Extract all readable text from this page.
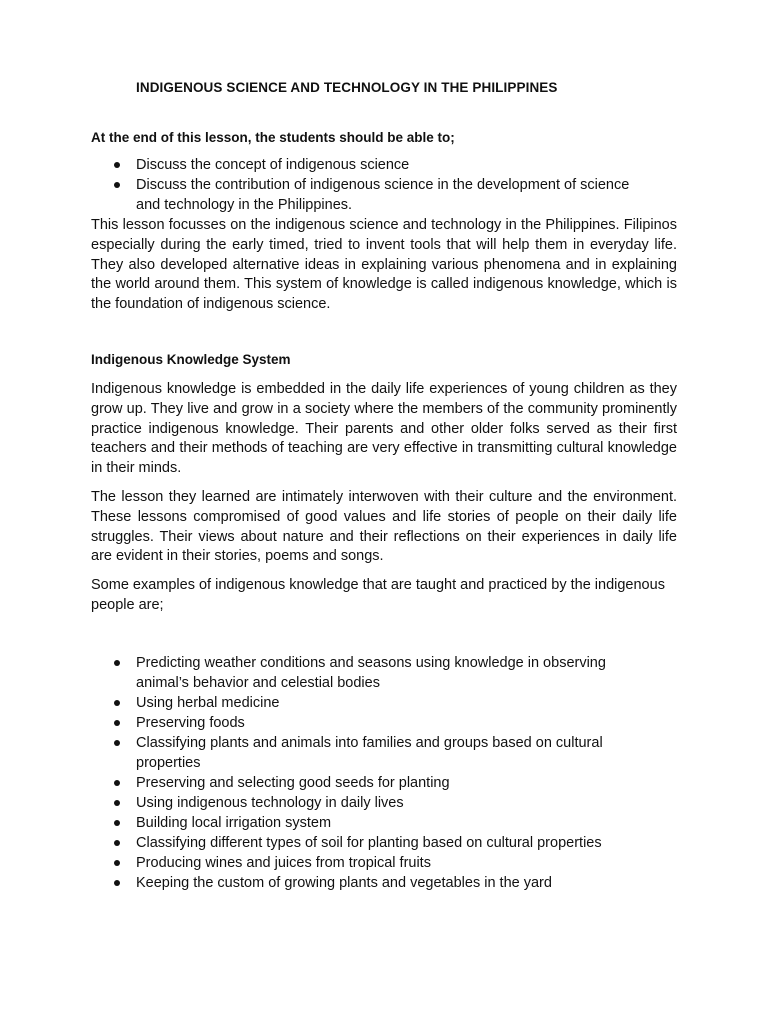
INDIGENOUS SCIENCE AND TECHNOLOGY IN THE PHILIPPINES
At the end of this lesson, the students should be able to;
Discuss the concept of indigenous science
Discuss the contribution of indigenous science in the development of science and technology in the Philippines.

This lesson focusses on the indigenous science and technology in the Philippines. Filipinos especially during the early timed, tried to invent tools that will help them in everyday life. They also developed alternative ideas in explaining various phenomena and in explaining the world around them. This system of knowledge is called indigenous knowledge, which is the foundation of indigenous science.

Indigenous Knowledge System

Indigenous knowledge is embedded in the daily life experiences of young children as they grow up. They live and grow in a society where the members of the community prominently practice indigenous knowledge. Their parents and other older folks served as their first teachers and their methods of teaching are very effective in transmitting cultural knowledge in their minds.

The lesson they learned are intimately interwoven with their culture and the environment. These lessons compromised of good values and life stories of people on their daily life struggles. Their views about nature and their reflections on their experiences in daily life are evident in their stories, poems and songs.

Some examples of indigenous knowledge that are taught and practiced by the indigenous people are;

Predicting weather conditions and seasons using knowledge in observing animal’s behavior and celestial bodies
Using herbal medicine
Preserving foods
Classifying plants and animals into families and groups based on cultural properties
Preserving and selecting good seeds for planting
Using indigenous technology in daily lives
Building local irrigation system
Classifying different types of soil for planting based on cultural properties
Producing wines and juices from tropical fruits
Keeping the custom of growing plants and vegetables in the yard
